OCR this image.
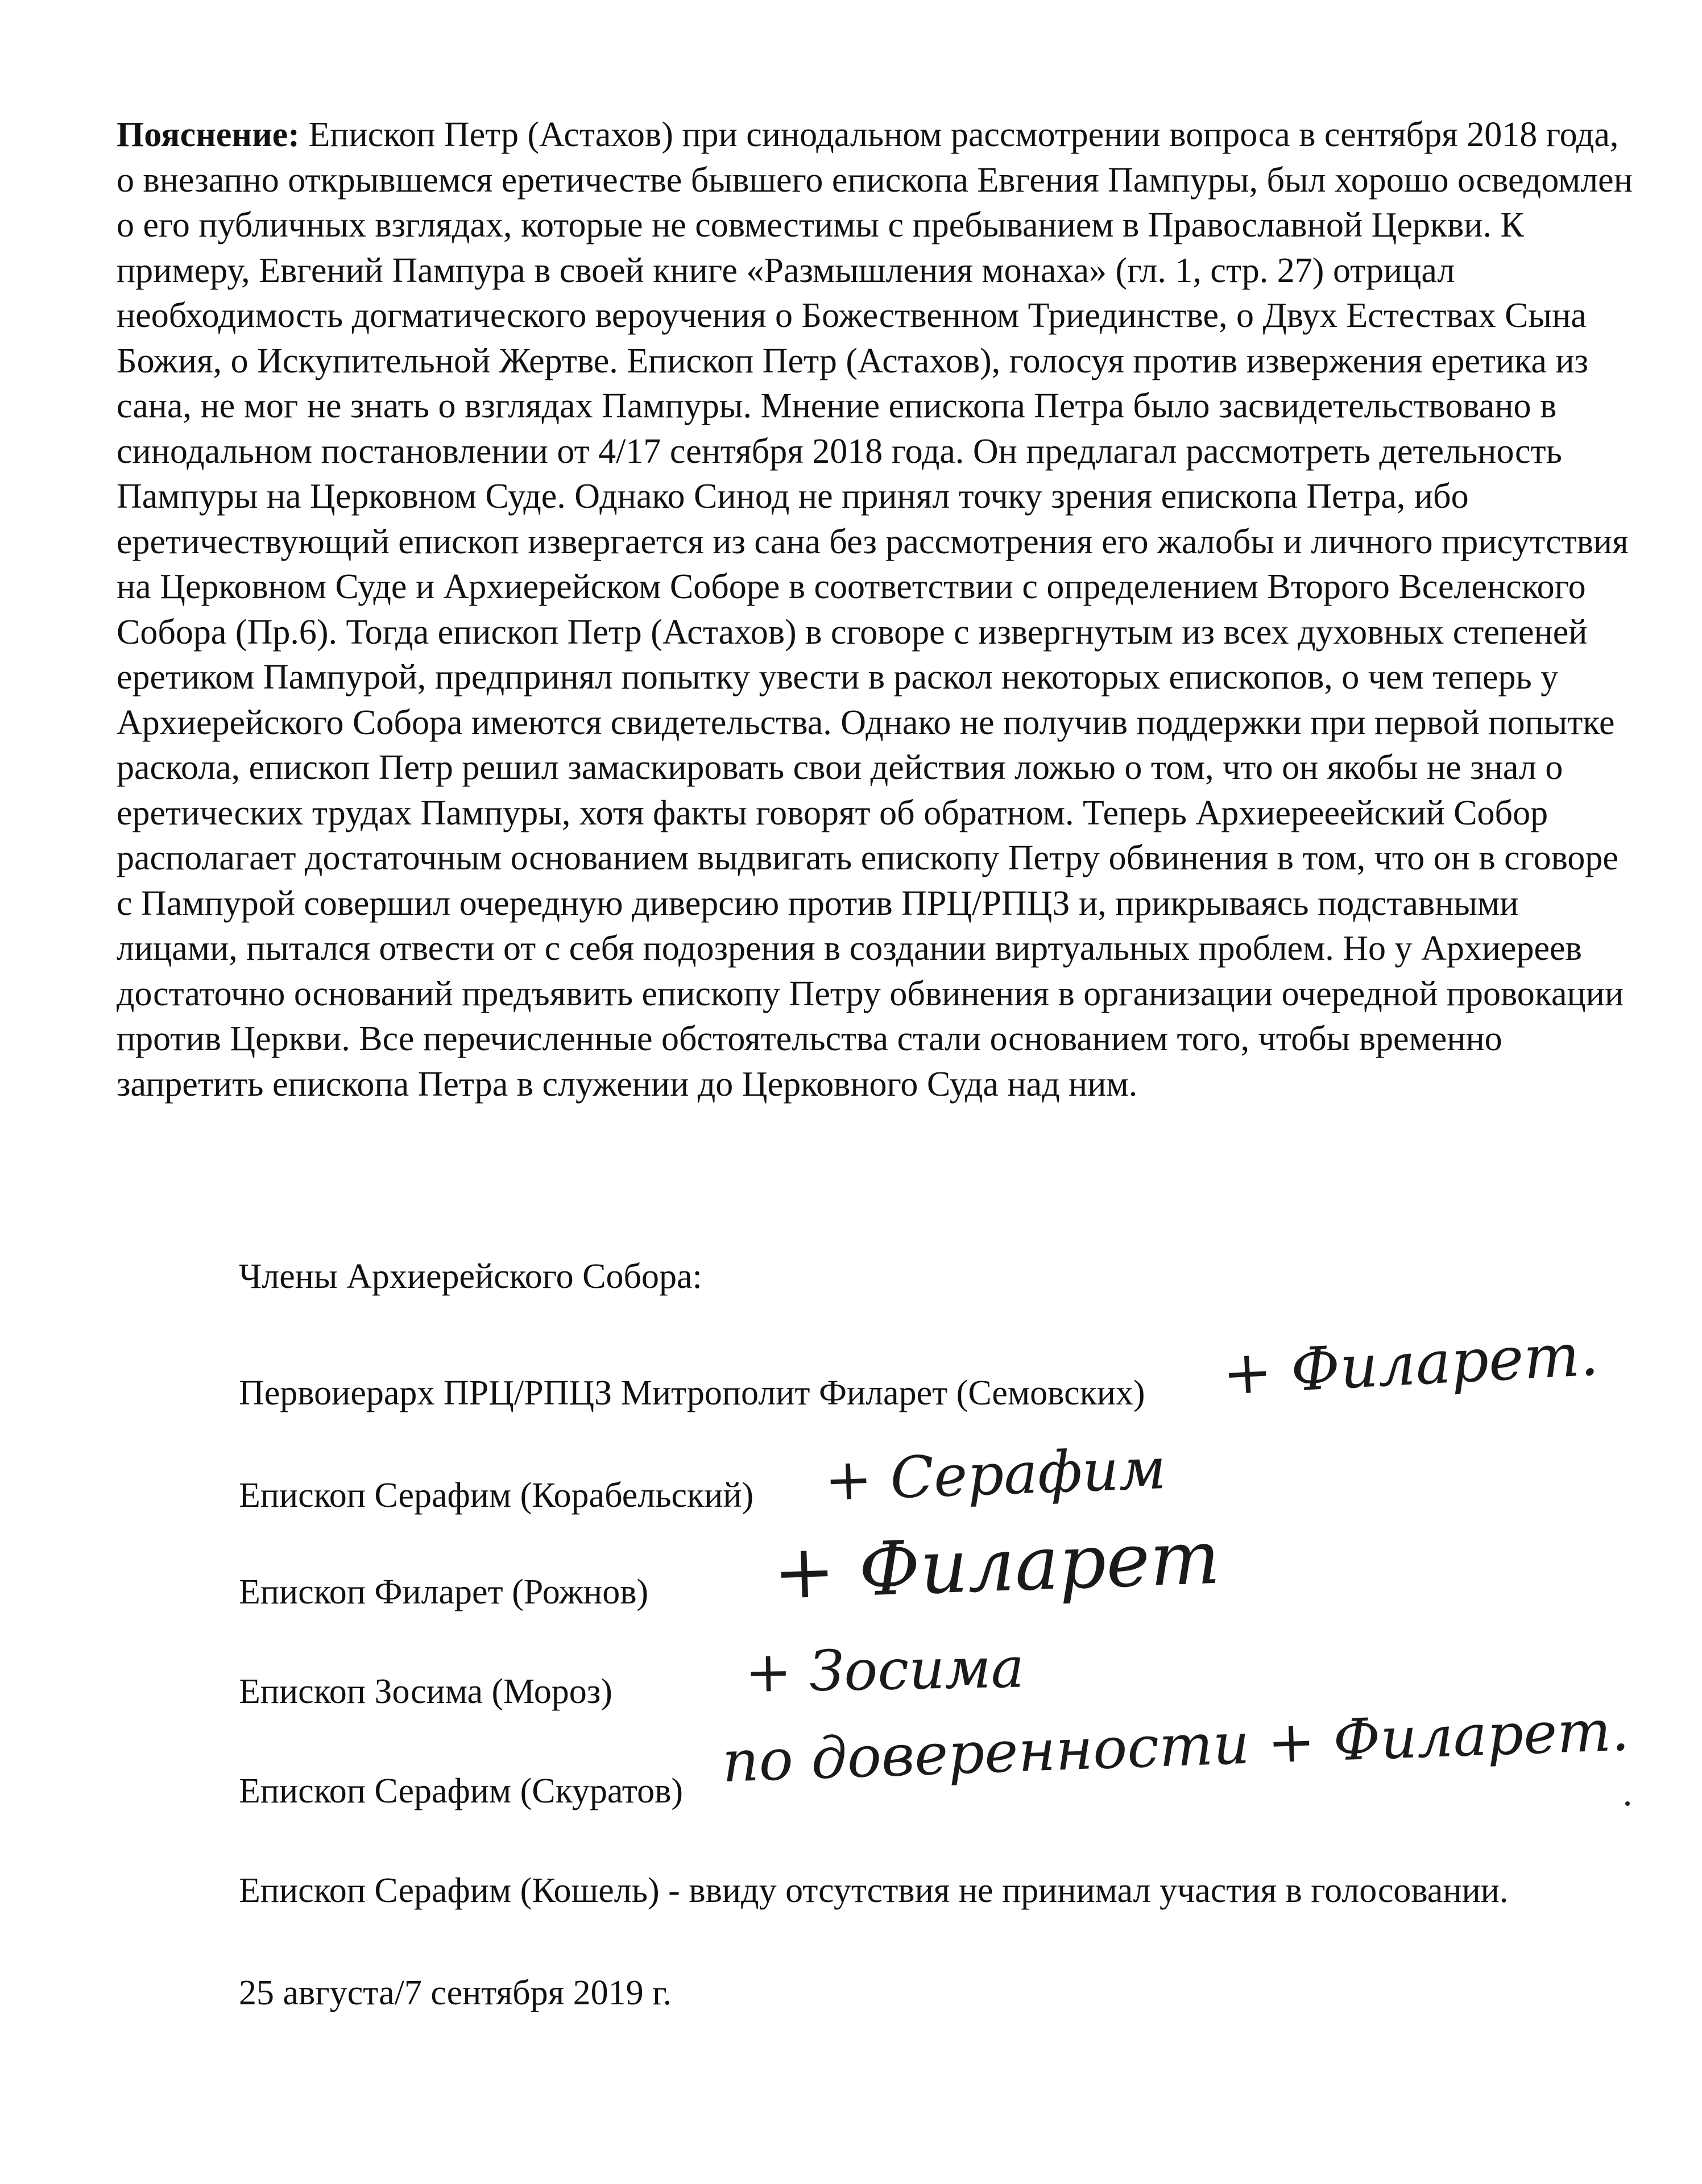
Пояснение: Епископ Петр (Астахов) при синодальном рассмотрении вопроса в сентября 2018 года, о внезапно открывшемся еретичестве бывшего епископа Евгения Пампуры, был хорошо осведомлен о его публичных взглядах, которые не совместимы с пребыванием в Православной Церкви. К примеру, Евгений Пампура в своей книге «Размышления монаха» (гл. 1, стр. 27) отрицал необходимость догматического вероучения о Божественном Триединстве, о Двух Естествах Сына Божия, о Искупительной Жертве. Епископ Петр (Астахов), голосуя против извержения еретика из сана, не мог не знать о взглядах Пампуры. Мнение епископа Петра было засвидетельствовано в синодальном постановлении от 4/17 сентября 2018 года. Он предлагал рассмотреть детельность Пампуры на Церковном Суде. Однако Синод не принял точку зрения епископа Петра, ибо еретичествующий епископ извергается из сана без рассмотрения его жалобы и личного присутствия на Церковном Суде и Архиерейском Соборе в соответствии с определением Второго Вселенского Собора (Пр.6). Тогда епископ Петр (Астахов) в сговоре с извергнутым из всех духовных степеней еретиком Пампурой, предпринял попытку увести в раскол некоторых епископов, о чем теперь у Архиерейского Собора имеются свидетельства. Однако не получив поддержки при первой попытке раскола, епископ Петр решил замаскировать свои действия ложью о том, что он якобы не знал о еретических трудах Пампуры, хотя факты говорят об обратном. Теперь Архиерееейский Собор располагает достаточным основанием выдвигать епископу Петру обвинения в том, что он в сговоре с Пампурой совершил очередную диверсию против ПРЦ/РПЦЗ и, прикрываясь подставными лицами, пытался отвести от с себя подозрения в создании виртуальных проблем. Но у Архиереев достаточно оснований предъявить епископу Петру обвинения в организации очередной провокации против Церкви. Все перечисленные обстоятельства стали основанием того, чтобы временно запретить епископа Петра в служении до Церковного Суда над ним.

Члены Архиерейского Собора:

Первоиерарх ПРЦ/РПЦЗ Митрополит Филарет (Семовских) + Филарет.
Епископ Серафим (Корабельский) + Серафим
Епископ Филарет (Рожнов) + Филарет
Епископ Зосима (Мороз) + Зосима
Епископ Серафим (Скуратов) по доверенности + Филарет.
Епископ Серафим (Кошель) - ввиду отсутствия не принимал участия в голосовании.
25 августа/7 сентября 2019 г.
